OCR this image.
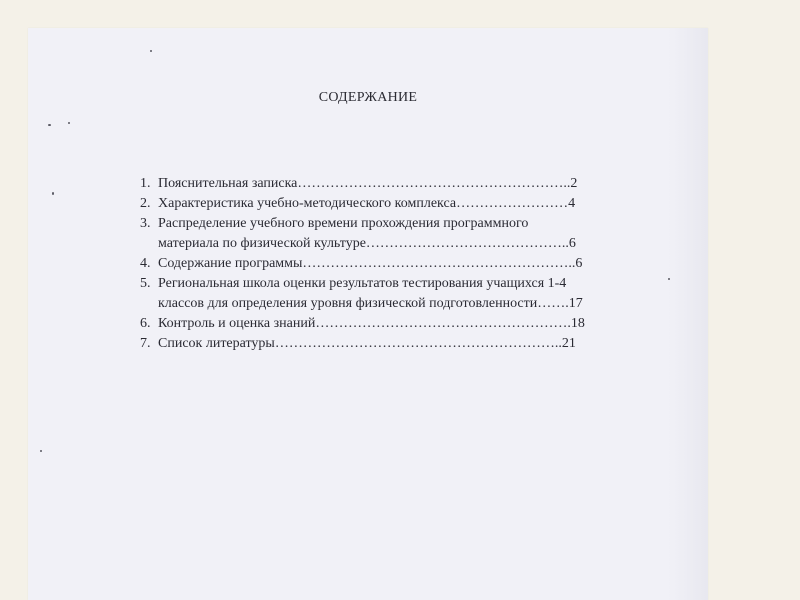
СОДЕРЖАНИЕ
1. Пояснительная записка…………………………………………………..2
2. Характеристика учебно-методического комплекса……………………4
3. Распределение учебного времени прохождения программного
материала по физической культуре……………………………………..6
4. Содержание программы…………………………………………………..6
5. Региональная школа оценки результатов тестирования учащихся 1-4
классов для определения уровня физической подготовленности…….17
6. Контроль и оценка знаний……………………………………………….18
7. Список литературы……………………………………………………..21
